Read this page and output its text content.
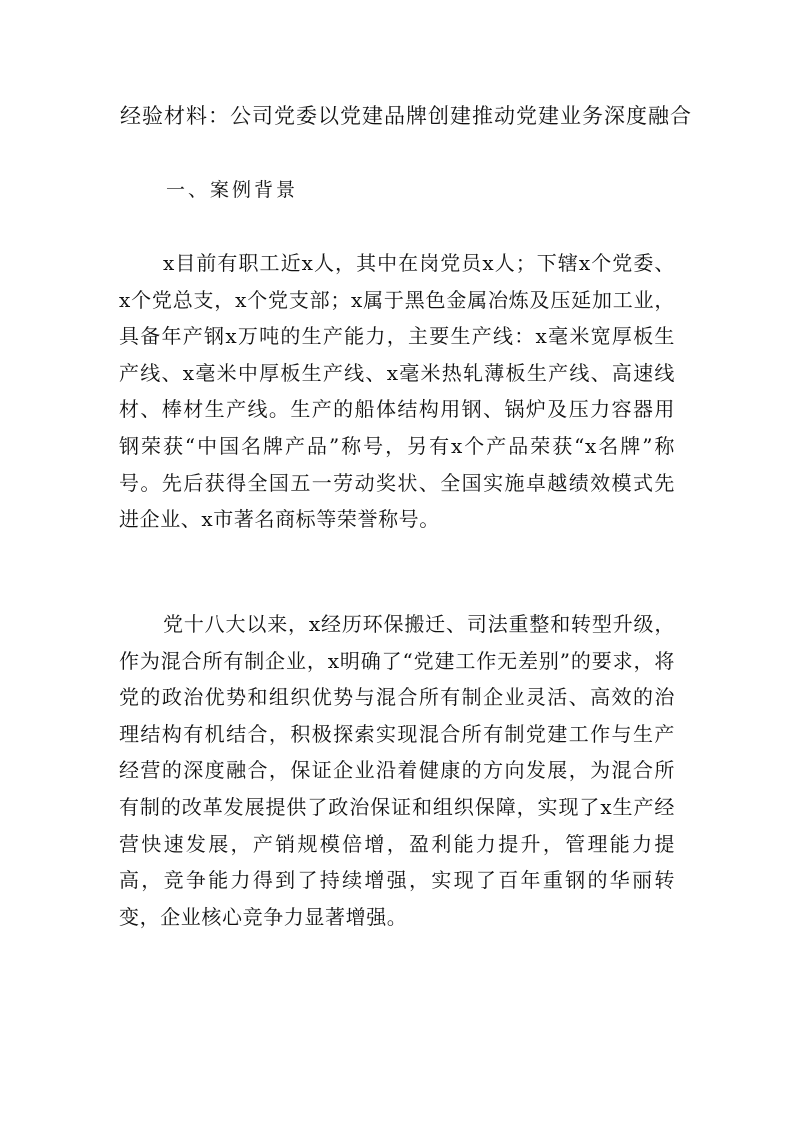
经验材料：公司党委以党建品牌创建推动党建业务深度融合
一、案例背景

x目前有职工近x人，其中在岗党员x人；下辖x个党委、x个党总支，x个党支部；x属于黑色金属冶炼及压延加工业，具备年产钢x万吨的生产能力，主要生产线：x毫米宽厚板生产线、x毫米中厚板生产线、x毫米热轧薄板生产线、高速线材、棒材生产线。生产的船体结构用钢、锅炉及压力容器用钢荣获“中国名牌产品”称号，另有x个产品荣获“x名牌”称号。先后获得全国五一劳动奖状、全国实施卓越绩效模式先进企业、x市著名商标等荣誉称号。

党十八大以来，x经历环保搬迁、司法重整和转型升级，作为混合所有制企业，x明确了“党建工作无差别”的要求，将党的政治优势和组织优势与混合所有制企业灵活、高效的治理结构有机结合，积极探索实现混合所有制党建工作与生产经营的深度融合，保证企业沿着健康的方向发展，为混合所有制的改革发展提供了政治保证和组织保障，实现了x生产经营快速发展，产销规模倍增，盈利能力提升，管理能力提高，竞争能力得到了持续增强，实现了百年重钢的华丽转变，企业核心竞争力显著增强。
